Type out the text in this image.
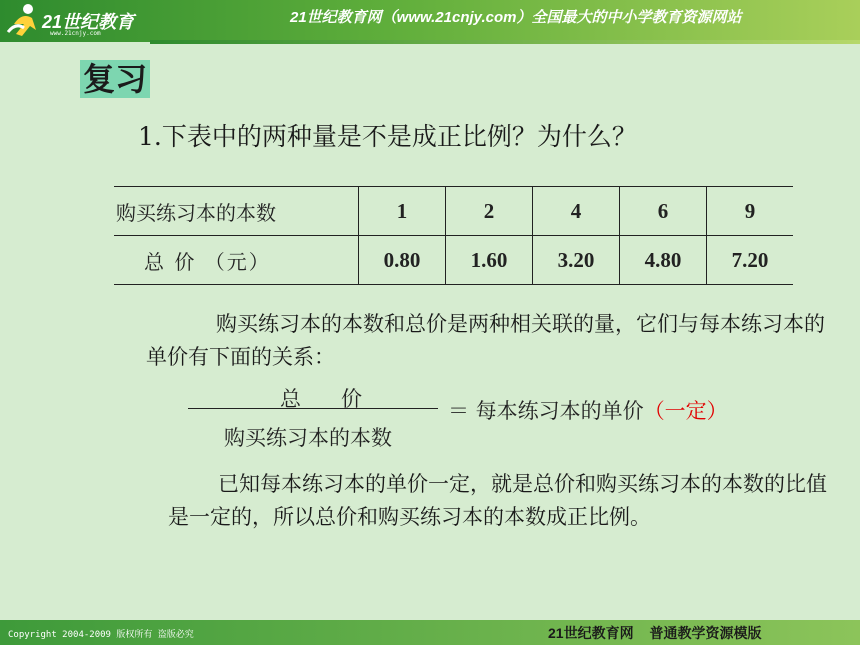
21世纪教育
www.21cnjy.com
21世纪教育网（www.21cnjy.com）全国最大的中小学教育资源网站
复习
1.下表中的两种量是不是成正比例？为什么？
购买练习本的本数	1	2	4	6	9
总 价 （元）	0.80	1.60	3.20	4.80	7.20
购买练习本的本数和总价是两种相关联的量，它们与每本练习本的单价有下面的关系：
总      价
购买练习本的本数
＝ 每本练习本的单价（一定）
已知每本练习本的单价一定，就是总价和购买练习本的本数的比值是一定的，所以总价和购买练习本的本数成正比例。
Copyright 2004-2009 版权所有 盗版必究	21世纪教育网 普通教学资源模版
